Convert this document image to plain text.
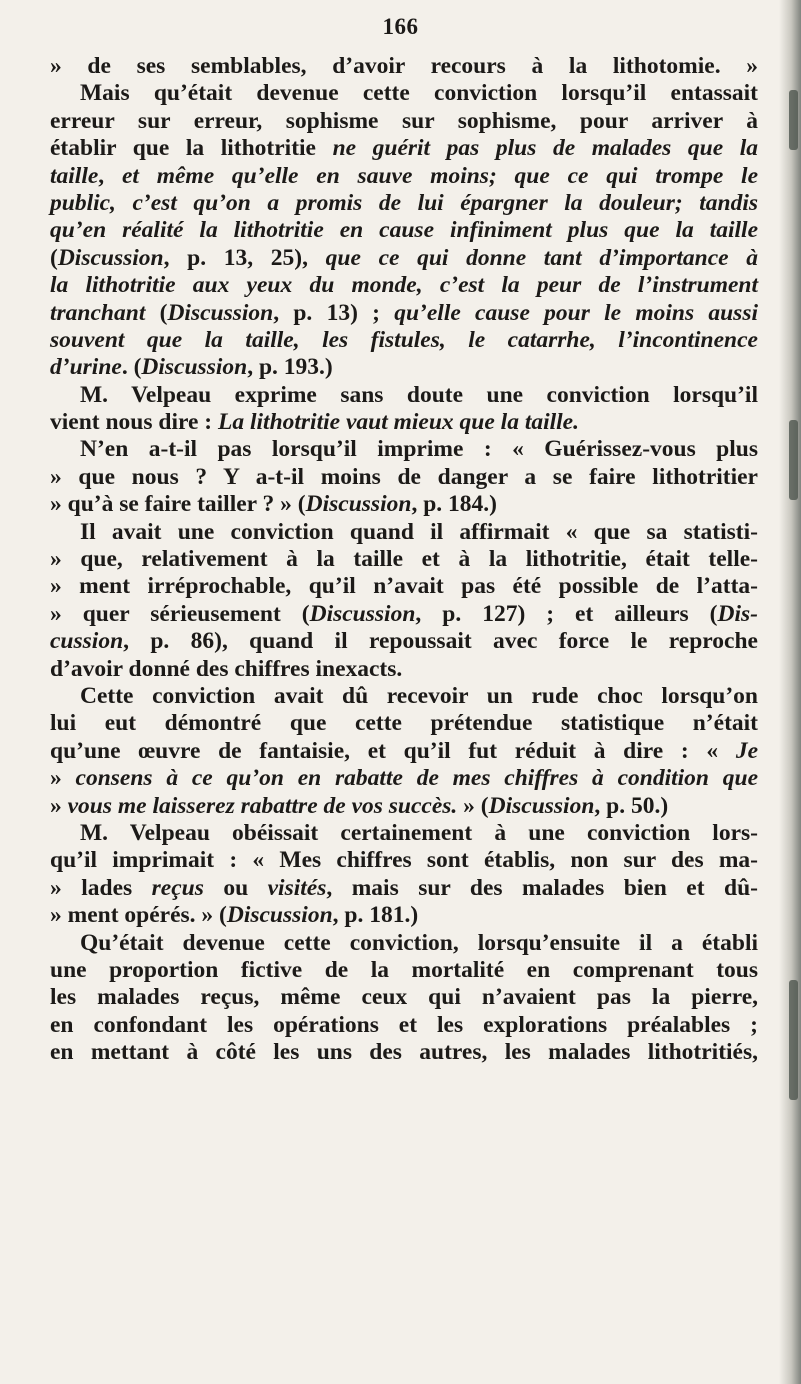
166
» de ses semblables, d’avoir recours à la lithotomie. »
Mais qu’était devenue cette conviction lorsqu’il entassait
erreur sur erreur, sophisme sur sophisme, pour arriver à
établir que la lithotritie ne guérit pas plus de malades que la
taille, et même qu’elle en sauve moins; que ce qui trompe le
public, c’est qu’on a promis de lui épargner la douleur; tandis
qu’en réalité la lithotritie en cause infiniment plus que la taille
(Discussion, p. 13, 25), que ce qui donne tant d’importance à
la lithotritie aux yeux du monde, c’est la peur de l’instrument
tranchant (Discussion, p. 13) ; qu’elle cause pour le moins aussi
souvent que la taille, les fistules, le catarrhe, l’incontinence
d’urine. (Discussion, p. 193.)
M. Velpeau exprime sans doute une conviction lorsqu’il
vient nous dire : La lithotritie vaut mieux que la taille.
N’en a-t-il pas lorsqu’il imprime : « Guérissez-vous plus
» que nous ? Y a-t-il moins de danger a se faire lithotritier
» qu’à se faire tailler ? » (Discussion, p. 184.)
Il avait une conviction quand il affirmait « que sa statisti-
» que, relativement à la taille et à la lithotritie, était telle-
» ment irréprochable, qu’il n’avait pas été possible de l’atta-
» quer sérieusement (Discussion, p. 127) ; et ailleurs (Dis-
cussion, p. 86), quand il repoussait avec force le reproche
d’avoir donné des chiffres inexacts.
Cette conviction avait dû recevoir un rude choc lorsqu’on
lui eut démontré que cette prétendue statistique n’était
qu’une œuvre de fantaisie, et qu’il fut réduit à dire : « Je
» consens à ce qu’on en rabatte de mes chiffres à condition que
» vous me laisserez rabattre de vos succès. » (Discussion, p. 50.)
M. Velpeau obéissait certainement à une conviction lors-
qu’il imprimait : « Mes chiffres sont établis, non sur des ma-
» lades reçus ou visités, mais sur des malades bien et dû-
» ment opérés. » (Discussion, p. 181.)
Qu’était devenue cette conviction, lorsqu’ensuite il a établi
une proportion fictive de la mortalité en comprenant tous
les malades reçus, même ceux qui n’avaient pas la pierre,
en confondant les opérations et les explorations préalables ;
en mettant à côté les uns des autres, les malades lithotritiés,
